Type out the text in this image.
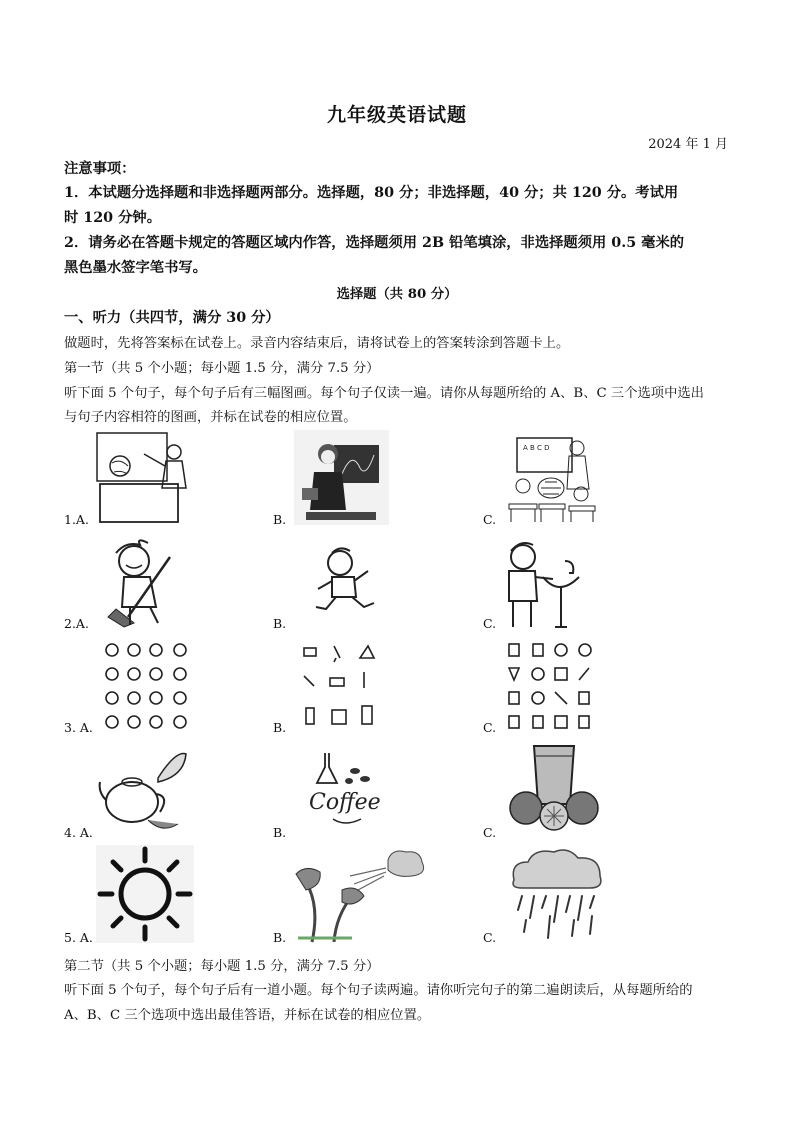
九年级英语试题
2024 年 1 月
注意事项：
1．本试题分选择题和非选择题两部分。选择题，80 分；非选择题，40 分；共 120 分。考试用
时 120 分钟。
2．请务必在答题卡规定的答题区域内作答，选择题须用 2B 铅笔填涂，非选择题须用 0.5 毫米的
黑色墨水签字笔书写。
选择题（共 80 分）
一、听力（共四节，满分 30 分）
做题时，先将答案标在试卷上。录音内容结束后，请将试卷上的答案转涂到答题卡上。
第一节（共 5 个小题；每小题 1.5 分，满分 7.5 分）
听下面 5 个句子，每个句子后有三幅图画。每个句子仅读一遍。请你从每题所给的 A、B、C 三个选项中选出
与句子内容相符的图画，并标在试卷的相应位置。
1.A.	B.	C.
A B C D
2.A.	B.	C.
3. A.	B.	C.
4. A.	B.	C.
Coffee
5. A.	B.	C.
第二节（共 5 个小题；每小题 1.5 分，满分 7.5 分）
听下面 5 个句子，每个句子后有一道小题。每个句子读两遍。请你听完句子的第二遍朗读后，从每题所给的
A、B、C 三个选项中选出最佳答语，并标在试卷的相应位置。
